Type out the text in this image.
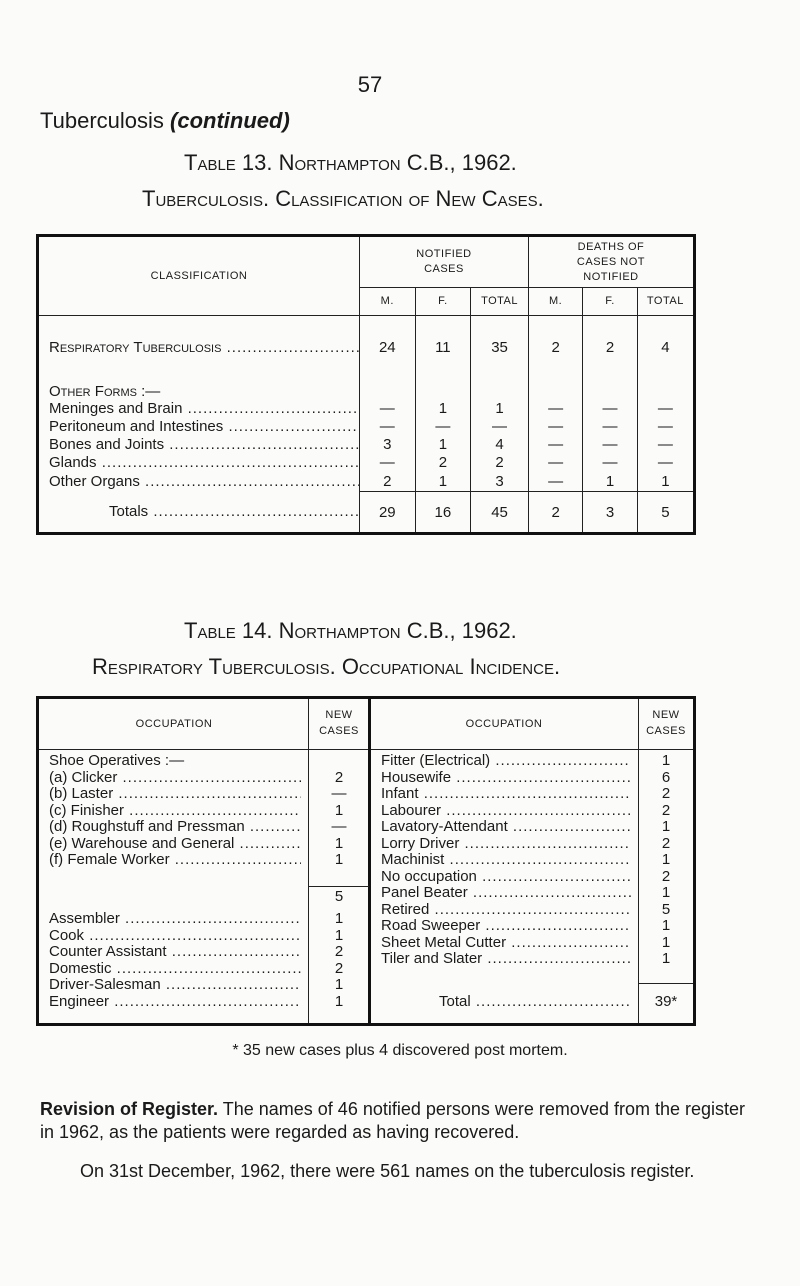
57
Tuberculosis (continued)
Table 13. Northampton C.B., 1962.
Tuberculosis. Classification of New Cases.
CLASSIFICATION	NOTIFIED CASES			DEATHS OF CASES NOT NOTIFIED		
	M.	F.	TOTAL	M.	F.	TOTAL

Respiratory Tuberculosis .....	24	11	35	2	2	4
Other Forms :—						

Meninges and Brain .....	—	1	1	—	—	—

Peritoneum and Intestines .....	—	—	—	—	—	—

Bones and Joints .....	3	1	4	—	—	—

Glands .....	—	2	2	—	—	—

Other Organs .....	2	1	3	—	1	1

Totals .....	29	16	45	2	3	5
Table 14. Northampton C.B., 1962.
Respiratory Tuberculosis. Occupational Incidence.
OCCUPATION
NEW CASES
OCCUPATION
NEW CASES
Shoe Operatives :—
(a) Clicker .....	2
(b) Laster .....	—
(c) Finisher .....	1
(d) Roughstuff and Pressman .....	—
(e) Warehouse and General .....	1
(f) Female Worker .....	1
5
Assembler .....	1
Cook .....	1
Counter Assistant .....	2
Domestic .....	2
Driver-Salesman .....	1
Engineer .....	1
Fitter (Electrical) .....	1
Housewife .....	6
Infant .....	2
Labourer .....	2
Lavatory-Attendant .....	1
Lorry Driver .....	2
Machinist .....	1
No occupation .....	2
Panel Beater .....	1
Retired .....	5
Road Sweeper .....	1
Sheet Metal Cutter .....	1
Tiler and Slater .....	1
Total .....	39*
* 35 new cases plus 4 discovered post mortem.
Revision of Register. The names of 46 notified persons were removed from the register in 1962, as the patients were regarded as having recovered.
On 31st December, 1962, there were 561 names on the tuberculosis register.
